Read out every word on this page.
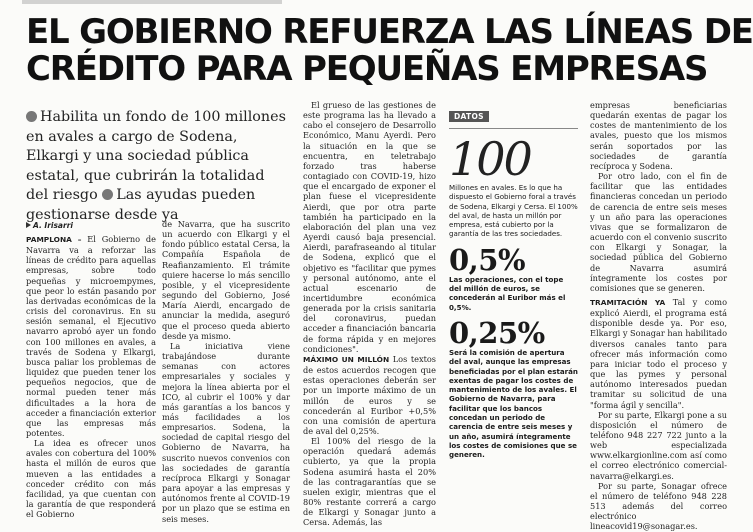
EL GOBIERNO REFUERZA LAS LÍNEAS DE
CRÉDITO PARA PEQUEÑAS EMPRESAS
Habilita un fondo de 100 millones en avales a cargo de Sodena, Elkargi y una sociedad pública estatal, que cubrirán la totalidad del riesgo Las ayudas pueden gestionarse desde ya
A. Irisarri

PAMPLONA – El Gobierno de Navarra va a reforzar las líneas de crédito para aquellas empresas, sobre todo pequeñas y microempymes, que peor lo están pasando por las derivadas económicas de la crisis del coronavirus. En su sesión semanal, el Ejecutivo navarro aprobó ayer un fondo con 100 millones en avales, a través de Sodena y Elkargi, busca paliar los problemas de liquidez que pueden tener los pequeños negocios, que de normal pueden tener más dificultades a la hora de acceder a financiación exterior que las empresas más potentes.

La idea es ofrecer unos avales con cobertura del 100% hasta el millón de euros que mueven a las entidades a conceder crédito con más facilidad, ya que cuentan con la garantía de que responderá el Gobierno

de Navarra, que ha suscrito un acuerdo con Elkargi y el fondo público estatal Cersa, la Compañía Española de Reafianzamiento. El trámite quiere hacerse lo más sencillo posible, y el vicepresidente segundo del Gobierno, José María Aierdi, encargado de anunciar la medida, aseguró que el proceso queda abierto desde ya mismo.

La iniciativa viene trabajándose durante semanas con actores empresariales y sociales y mejora la línea abierta por el ICO, al cubrir el 100% y dar más garantías a los bancos y más facilidades a los empresarios. Sodena, la sociedad de capital riesgo del Gobierno de Navarra, ha suscrito nuevos convenios con las sociedades de garantía recíproca Elkargi y Sonagar para apoyar a las empresas y autónomos frente al COVID-19 por un plazo que se estima en seis meses.

El grueso de las gestiones de este programa las ha llevado a cabo el consejero de Desarrollo Económico, Manu Ayerdi. Pero la situación en la que se encuentra, en teletrabajo forzado tras haberse contagiado con COVID-19, hizo que el encargado de exponer el plan fuese el vicepresidente Aierdi, que por otra parte también ha participado en la elaboración del plan una vez Ayerdi causó baja presencial. Aierdi, parafraseando al titular de Sodena, explicó que el objetivo es "facilitar que pymes y personal autónomo, ante el actual escenario de incertidumbre económica generada por la crisis sanitaria del coronavirus, puedan acceder a financiación bancaria de forma rápida y en mejores condiciones".

MÁXIMO UN MILLÓN Los textos de estos acuerdos recogen que estas operaciones deberán ser por un importe máximo de un millón de euros y se concederán al Euribor +0,5% con una comisión de apertura de aval del 0,25%.

El 100% del riesgo de la operación quedará además cubierto, ya que la propia Sodena asumirá hasta el 20% de las contragarantías que se suelen exigir, mientras que el 80% restante correrá a cargo de Elkargi y Sonagar junto a Cersa. Además, las

DATOS
100
Millones en avales. Es lo que ha dispuesto el Gobierno foral a través de Sodena, Elkargi y Cersa. El 100% del aval, de hasta un millón por empresa, está cubierto por la garantía de las tres sociedades.
0,5%
Las operaciones, con el tope del millón de euros, se concederán al Euribor más el 0,5%.
0,25%
Será la comisión de apertura del aval, aunque las empresas beneficiadas por el plan estarán exentas de pagar los costes de mantenimiento de los avales. El Gobierno de Navarra, para facilitar que los bancos concedan un periodo de carencia de entre seis meses y un año, asumirá íntegramente los costes de comisiones que se generen.

empresas beneficiarias quedarán exentas de pagar los costes de mantenimiento de los avales, puesto que los mismos serán soportados por las sociedades de garantía recíproca y Sodena.

Por otro lado, con el fin de facilitar que las entidades financieras concedan un periodo de carencia de entre seis meses y un año para las operaciones vivas que se formalizaron de acuerdo con el convenio suscrito con Elkargi y Sonagar, la sociedad pública del Gobierno de Navarra asumirá íntegramente los costes por comisiones que se generen.

TRAMITACIÓN YA Tal y como explicó Aierdi, el programa está disponible desde ya. Por eso, Elkargi y Sonagar han habilitado diversos canales tanto para ofrecer más información como para iniciar todo el proceso y que las pymes y personal autónomo interesados puedan tramitar su solicitud de una "forma ágil y sencilla".

Por su parte, Elkargi pone a su disposición el número de teléfono 948 227 722 junto a la web especializada www.elkargionline.com así como el correo electrónico comercial-navarra@elkargi.es.

Por su parte, Sonagar ofrece el número de teléfono 948 228 513 además del correo electrónico lineacovid19@sonagar.es.
